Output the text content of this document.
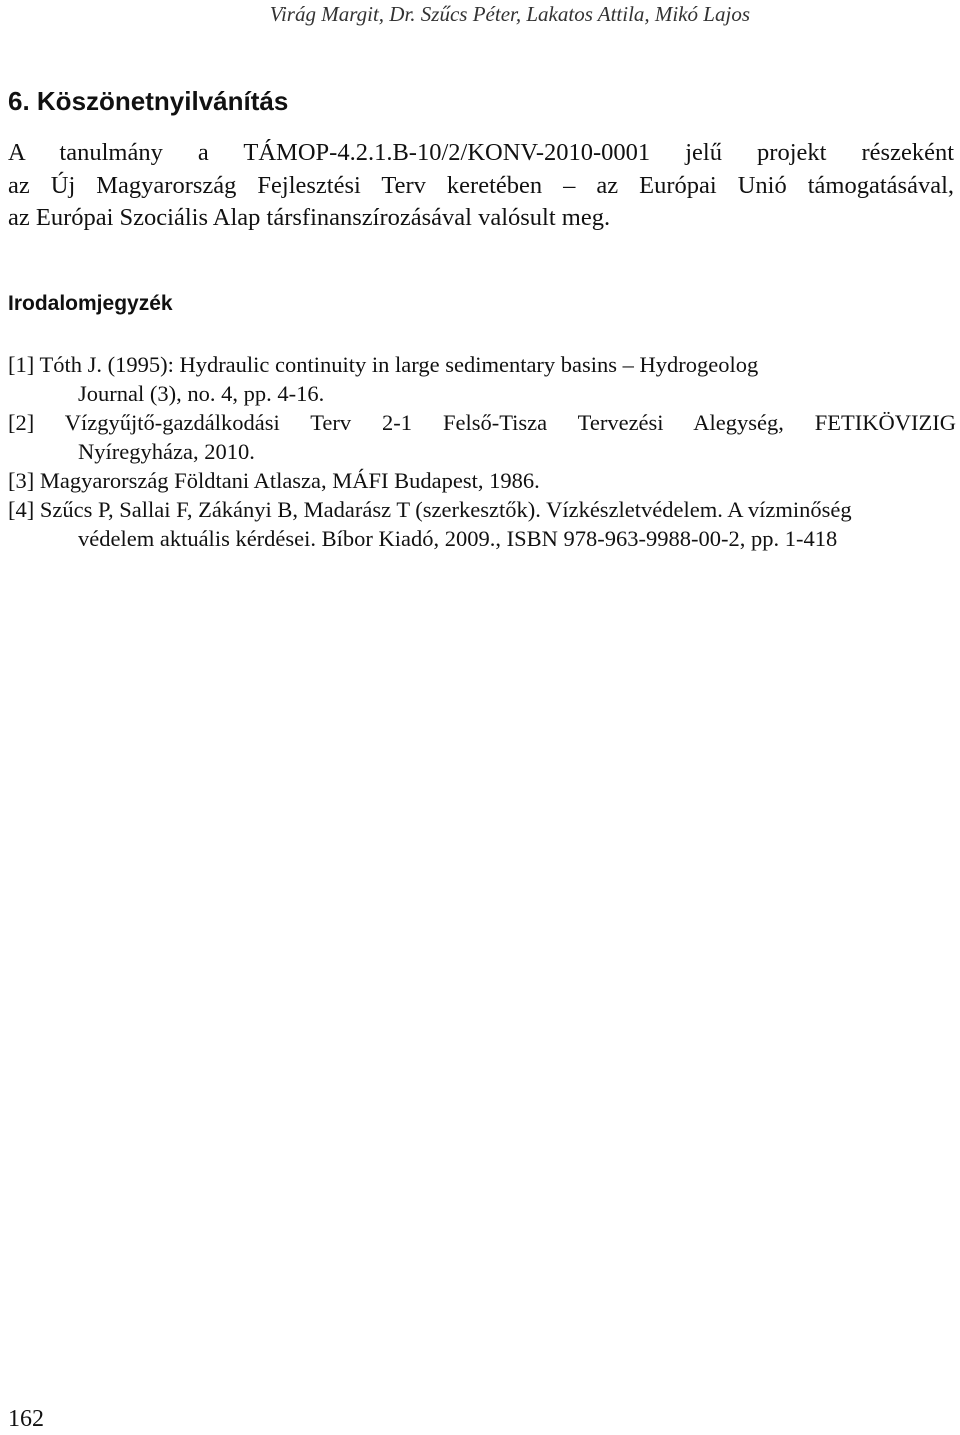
Virág Margit, Dr. Szűcs Péter, Lakatos Attila, Mikó Lajos
6. Köszönetnyilvánítás
A tanulmány a TÁMOP-4.2.1.B-10/2/KONV-2010-0001 jelű projekt részeként
az Új Magyarország Fejlesztési Terv keretében – az Európai Unió támogatásával,
az Európai Szociális Alap társfinanszírozásával valósult meg.
Irodalomjegyzék
[1] Tóth J. (1995): Hydraulic continuity in large sedimentary basins – Hydrogeolog
Journal (3), no. 4, pp. 4-16.
[2] Vízgyűjtő-gazdálkodási Terv 2-1 Felső-Tisza Tervezési Alegység, FETIKÖVIZIG
Nyíregyháza, 2010.
[3] Magyarország Földtani Atlasza, MÁFI Budapest, 1986.
[4] Szűcs P, Sallai F, Zákányi B, Madarász T (szerkesztők). Vízkészletvédelem. A vízminőség
védelem aktuális kérdései. Bíbor Kiadó, 2009., ISBN 978-963-9988-00-2, pp. 1-418
162
